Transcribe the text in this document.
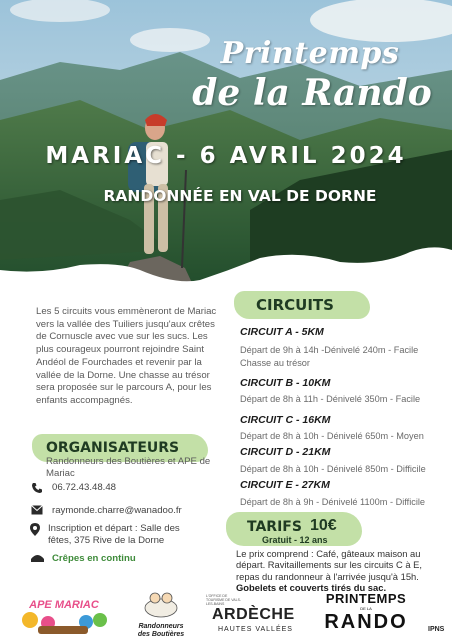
Printemps
de la Rando
MARIAC - 6 AVRIL 2024
RANDONNÉE EN VAL DE DORNE
Les 5 circuits vous emmèneront de Mariac vers la vallée des Tuiliers jusqu'aux crêtes de Cornuscle avec vue sur les sucs. Les plus courageux pourront rejoindre Saint Andéol de Fourchades et revenir par la vallée de la Dorne. Une chasse au trésor sera proposée sur le parcours A, pour les enfants accompagnés.
CIRCUITS
CIRCUIT A - 5KM
Départ de 9h à 14h -Dénivelé 240m - Facile
Chasse au trésor
CIRCUIT B - 10KM
Départ de 8h à 11h - Dénivelé 350m - Facile
CIRCUIT C - 16KM
Départ de 8h à 10h - Dénivelé 650m - Moyen
CIRCUIT D - 21KM
Départ de 8h à 10h - Dénivelé 850m - Difficile
CIRCUIT E - 27KM
Départ de 8h à 9h - Dénivelé 1100m - Difficile
ORGANISATEURS
Randonneurs des Boutières et APE de Mariac
06.72.43.48.48
raymonde.charre@wanadoo.fr
Inscription et départ : Salle des fêtes, 375 Rive de la Dorne
Crêpes en continu
TARIFS 10€
Gratuit - 12 ans
Le prix comprend : Café, gâteaux maison au départ. Ravitaillements sur les circuits C à E, repas du randonneur à l'arrivée jusqu'à 15h. Gobelets et couverts tirés du sac.
APE MARIAC
Randonneurs
des Boutières
L'OFFICE DE TOURISME DE VALS-LES-BAINS
ARDÈCHE
HAUTES VALLÉES
PRINTEMPS
DE LA
RANDO	IPNS
